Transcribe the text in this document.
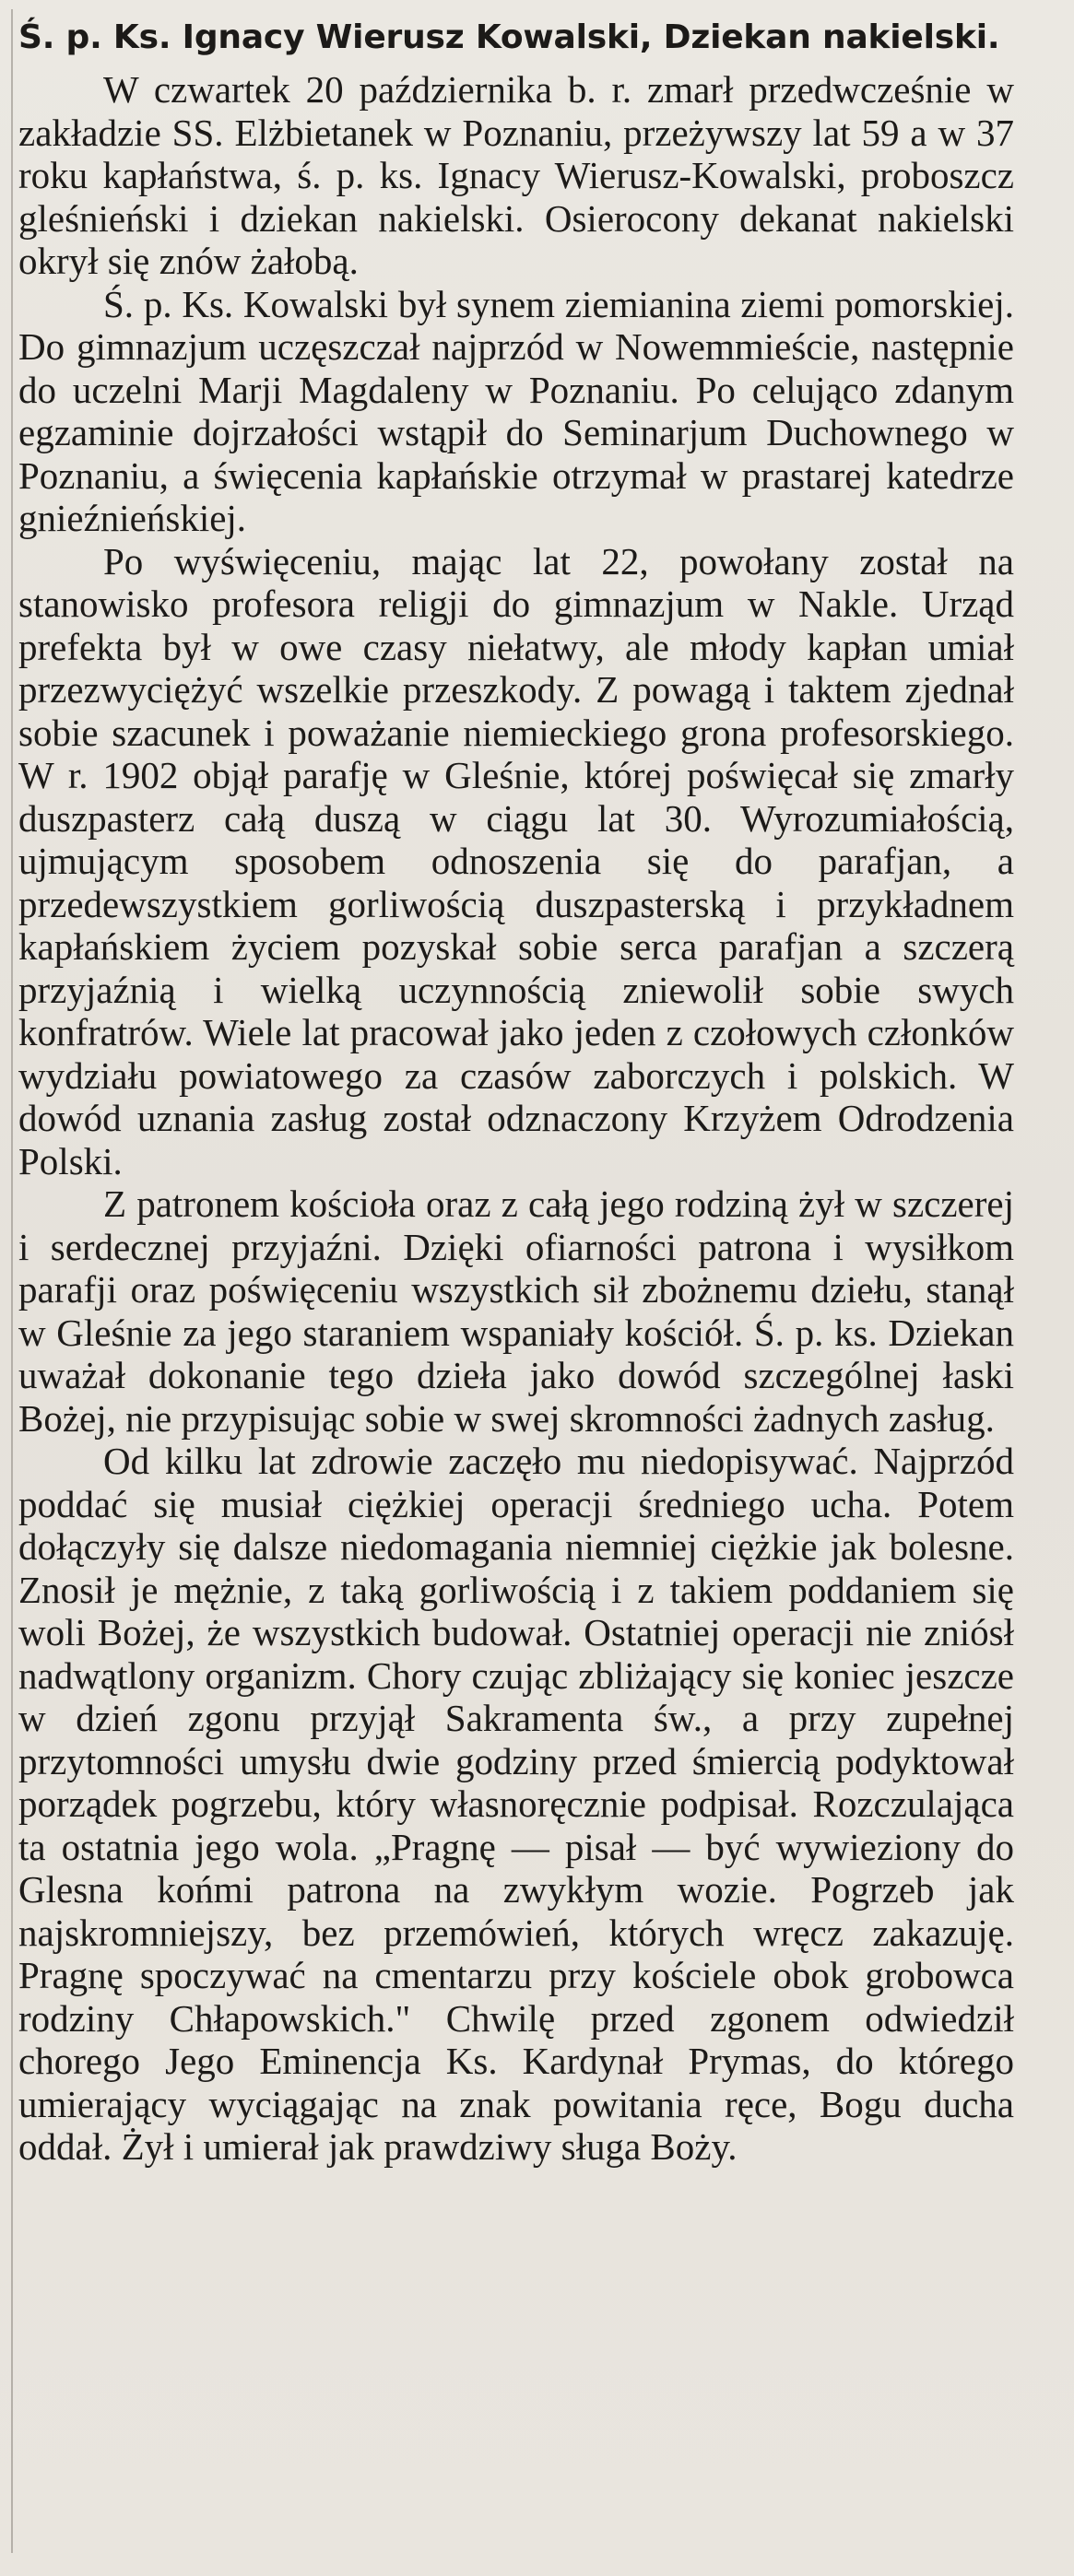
Ś. p. Ks. Ignacy Wierusz Kowalski, Dziekan nakielski.

W czwartek 20 października b. r. zmarł przedwcześnie w zakładzie SS. Elżbietanek w Poznaniu, przeżywszy lat 59 a w 37 roku kapłaństwa, ś. p. ks. Ignacy Wierusz-Kowalski, proboszcz gleśnieński i dziekan nakielski. Osierocony dekanat nakielski okrył się znów żałobą.

Ś. p. Ks. Kowalski był synem ziemianina ziemi pomorskiej. Do gimnazjum uczęszczał najprzód w Nowemmieście, następnie do uczelni Marji Magdaleny w Poznaniu. Po celująco zdanym egzaminie dojrzałości wstąpił do Seminarjum Duchownego w Poznaniu, a święcenia kapłańskie otrzymał w prastarej katedrze gnieźnieńskiej.

Po wyświęceniu, mając lat 22, powołany został na stanowisko profesora religji do gimnazjum w Nakle. Urząd prefekta był w owe czasy niełatwy, ale młody kapłan umiał przezwyciężyć wszelkie przeszkody. Z powagą i taktem zjednał sobie szacunek i poważanie niemieckiego grona profesorskiego. W r. 1902 objął parafję w Gleśnie, której poświęcał się zmarły duszpasterz całą duszą w ciągu lat 30. Wyrozumiałością, ujmującym sposobem odnoszenia się do parafjan, a przedewszystkiem gorliwością duszpasterską i przykładnem kapłańskiem życiem pozyskał sobie serca parafjan a szczerą przyjaźnią i wielką uczynnością zniewolił sobie swych konfratrów. Wiele lat pracował jako jeden z czołowych członków wydziału powiatowego za czasów zaborczych i polskich. W dowód uznania zasług został odznaczony Krzyżem Odrodzenia Polski.

Z patronem kościoła oraz z całą jego rodziną żył w szczerej i serdecznej przyjaźni. Dzięki ofiarności patrona i wysiłkom parafji oraz poświęceniu wszystkich sił zbożnemu dziełu, stanął w Gleśnie za jego staraniem wspaniały kościół. Ś. p. ks. Dziekan uważał dokonanie tego dzieła jako dowód szczególnej łaski Bożej, nie przypisując sobie w swej skromności żadnych zasług.

Od kilku lat zdrowie zaczęło mu niedopisywać. Najprzód poddać się musiał ciężkiej operacji średniego ucha. Potem dołączyły się dalsze niedomagania niemniej ciężkie jak bolesne. Znosił je mężnie, z taką gorliwością i z takiem poddaniem się woli Bożej, że wszystkich budował. Ostatniej operacji nie zniósł nadwątlony organizm. Chory czując zbliżający się koniec jeszcze w dzień zgonu przyjął Sakramenta św., a przy zupełnej przytomności umysłu dwie godziny przed śmiercią podyktował porządek pogrzebu, który własnoręcznie podpisał. Rozczulająca ta ostatnia jego wola. „Pragnę — pisał — być wywieziony do Glesna końmi patrona na zwykłym wozie. Pogrzeb jak najskromniejszy, bez przemówień, których wręcz zakazuję. Pragnę spoczywać na cmentarzu przy kościele obok grobowca rodziny Chłapowskich." Chwilę przed zgonem odwiedził chorego Jego Eminencja Ks. Kardynał Prymas, do którego umierający wyciągając na znak powitania ręce, Bogu ducha oddał. Żył i umierał jak prawdziwy sługa Boży.
